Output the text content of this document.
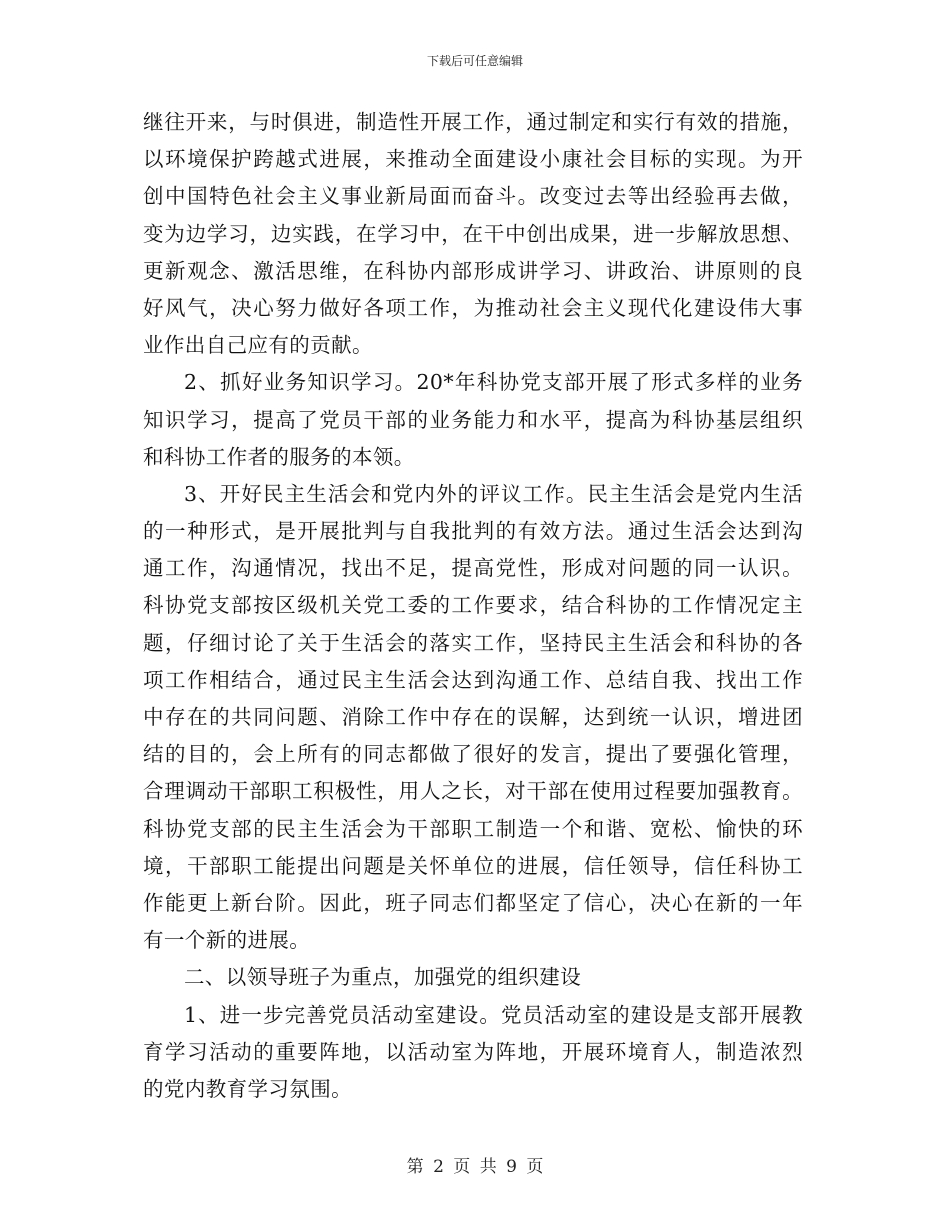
下载后可任意编辑
继往开来，与时俱进，制造性开展工作，通过制定和实行有效的措施，
以环境保护跨越式进展，来推动全面建设小康社会目标的实现。为开
创中国特色社会主义事业新局面而奋斗。改变过去等出经验再去做，
变为边学习，边实践，在学习中，在干中创出成果，进一步解放思想、
更新观念、激活思维，在科协内部形成讲学习、讲政治、讲原则的良
好风气，决心努力做好各项工作，为推动社会主义现代化建设伟大事
业作出自己应有的贡献。
2、抓好业务知识学习。20*年科协党支部开展了形式多样的业务
知识学习，提高了党员干部的业务能力和水平，提高为科协基层组织
和科协工作者的服务的本领。
3、开好民主生活会和党内外的评议工作。民主生活会是党内生活
的一种形式，是开展批判与自我批判的有效方法。通过生活会达到沟
通工作，沟通情况，找出不足，提高党性，形成对问题的同一认识。
科协党支部按区级机关党工委的工作要求，结合科协的工作情况定主
题，仔细讨论了关于生活会的落实工作，坚持民主生活会和科协的各
项工作相结合，通过民主生活会达到沟通工作、总结自我、找出工作
中存在的共同问题、消除工作中存在的误解，达到统一认识，增进团
结的目的，会上所有的同志都做了很好的发言，提出了要强化管理，
合理调动干部职工积极性，用人之长，对干部在使用过程要加强教育。
科协党支部的民主生活会为干部职工制造一个和谐、宽松、愉快的环
境，干部职工能提出问题是关怀单位的进展，信任领导，信任科协工
作能更上新台阶。因此，班子同志们都坚定了信心，决心在新的一年
有一个新的进展。
二、以领导班子为重点，加强党的组织建设
1、进一步完善党员活动室建设。党员活动室的建设是支部开展教
育学习活动的重要阵地，以活动室为阵地，开展环境育人，制造浓烈
的党内教育学习氛围。
第 2 页 共 9 页
